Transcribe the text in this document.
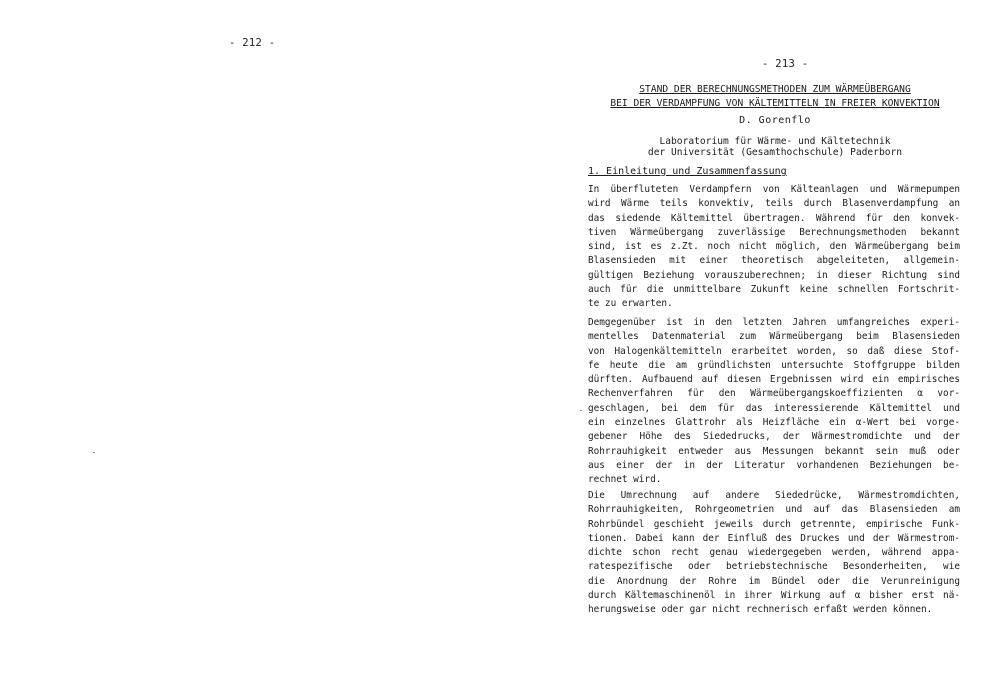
- 212 -
- 213 -
STAND DER BERECHNUNGSMETHODEN ZUM WÄRMEÜBERGANG
BEI DER VERDAMPFUNG VON KÄLTEMITTELN IN FREIER KONVEKTION
D. Gorenflo
Laboratorium für Wärme- und Kältetechnik
der Universität (Gesamthochschule) Paderborn
1. Einleitung und Zusammenfassung
In überfluteten Verdampfern von Kälteanlagen und Wärmepumpen
wird Wärme teils konvektiv, teils durch Blasenverdampfung an
das siedende Kältemittel übertragen. Während für den konvek-
tiven Wärmeübergang zuverlässige Berechnungsmethoden bekannt
sind, ist es z.Zt. noch nicht möglich, den Wärmeübergang beim
Blasensieden mit einer theoretisch abgeleiteten, allgemein-
gültigen Beziehung vorauszuberechnen; in dieser Richtung sind
auch für die unmittelbare Zukunft keine schnellen Fortschrit-
te zu erwarten.
Demgegenüber ist in den letzten Jahren umfangreiches experi-
mentelles Datenmaterial zum Wärmeübergang beim Blasensieden
von Halogenkältemitteln erarbeitet worden, so daß diese Stof-
fe heute die am gründlichsten untersuchte Stoffgruppe bilden
dürften. Aufbauend auf diesen Ergebnissen wird ein empirisches
Rechenverfahren für den Wärmeübergangskoeffizienten α vor-
geschlagen, bei dem für das interessierende Kältemittel und
ein einzelnes Glattrohr als Heizfläche ein α-Wert bei vorge-
gebener Höhe des Siededrucks, der Wärmestromdichte und der
Rohrrauhigkeit entweder aus Messungen bekannt sein muß oder
aus einer der in der Literatur vorhandenen Beziehungen be-
rechnet wird.
Die Umrechnung auf andere Siededrücke, Wärmestromdichten,
Rohrrauhigkeiten, Rohrgeometrien und auf das Blasensieden am
Rohrbündel geschieht jeweils durch getrennte, empirische Funk-
tionen. Dabei kann der Einfluß des Druckes und der Wärmestrom-
dichte schon recht genau wiedergegeben werden, während appa-
ratespezifische oder betriebstechnische Besonderheiten, wie
die Anordnung der Rohre im Bündel oder die Verunreinigung
durch Kältemaschinenöl in ihrer Wirkung auf α bisher erst nä-
herungsweise oder gar nicht rechnerisch erfaßt werden können.
